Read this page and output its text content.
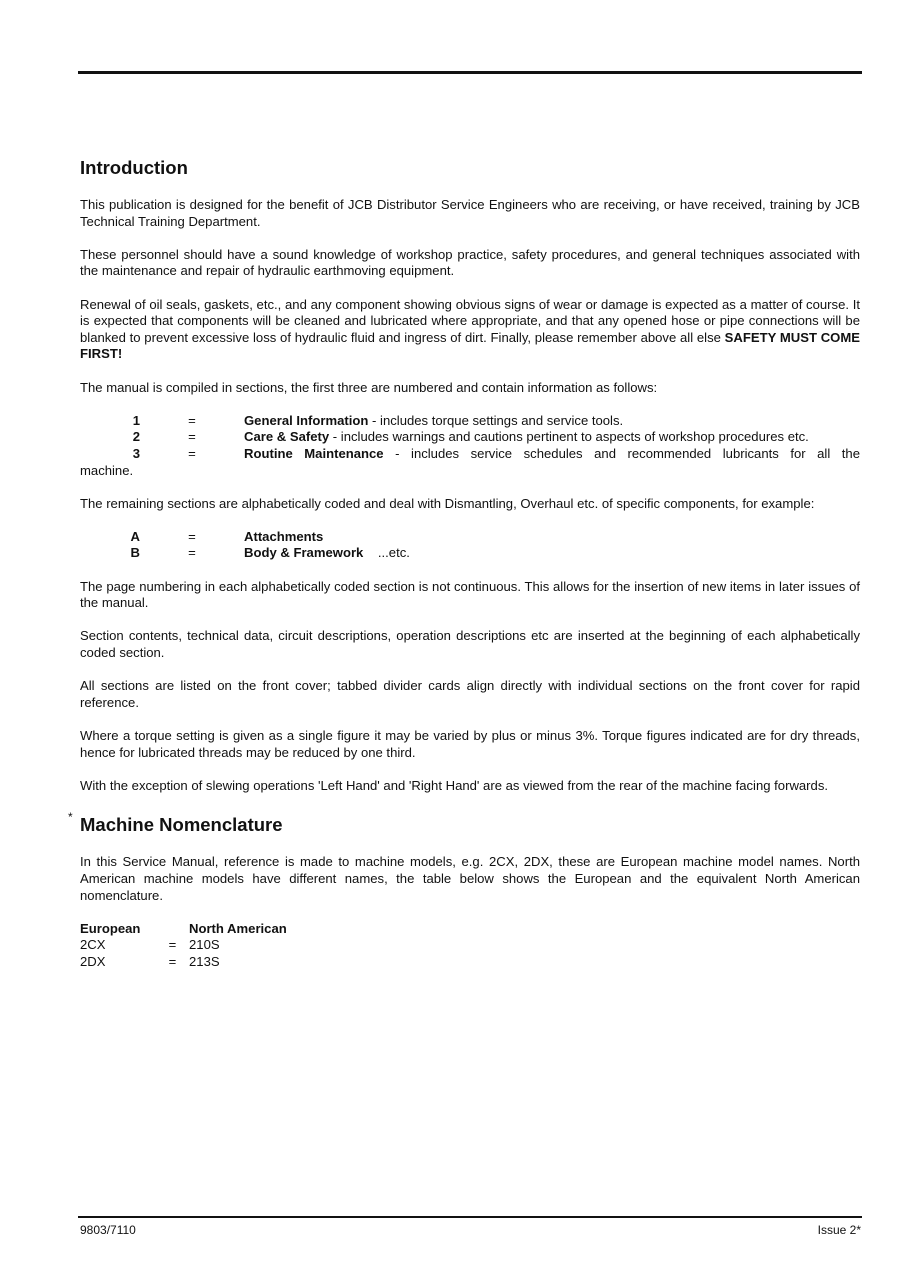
Introduction

This publication is designed for the benefit of JCB Distributor Service Engineers who are receiving, or have received, training by JCB Technical Training Department.

These personnel should have a sound knowledge of workshop practice, safety procedures, and general techniques associated with the maintenance and repair of hydraulic earthmoving equipment.

Renewal of oil seals, gaskets, etc., and any component showing obvious signs of wear or damage is expected as a matter of course. It is expected that components will be cleaned and lubricated where appropriate, and that any opened hose or pipe connections will be blanked to prevent excessive loss of hydraulic fluid and ingress of dirt. Finally, please remember above all else SAFETY MUST COME FIRST!

The manual is compiled in sections, the first three are numbered and contain information as follows:

1	=	General Information - includes torque settings and service tools.
2	=	Care & Safety - includes warnings and cautions pertinent to aspects of workshop procedures etc.
3	=	Routine Maintenance - includes service schedules and recommended lubricants for all the

machine.

The remaining sections are alphabetically coded and deal with Dismantling, Overhaul etc. of specific components, for example:

A	=	Attachments
B	=	Body & Framework    ...etc.

The page numbering in each alphabetically coded section is not continuous. This allows for the insertion of new items in later issues of the manual.

Section contents, technical data, circuit descriptions, operation descriptions etc are inserted at the beginning of each alphabetically coded section.

All sections are listed on the front cover; tabbed divider cards align directly with individual sections on the front cover for rapid reference.

Where a torque setting is given as a single figure it may be varied by plus or minus 3%. Torque figures indicated are for dry threads, hence for lubricated threads may be reduced by one third.

With the exception of slewing operations 'Left Hand' and 'Right Hand' are as viewed from the rear of the machine facing forwards.

Machine Nomenclature

In this Service Manual, reference is made to machine models, e.g. 2CX, 2DX, these are European machine model names. North American machine models have different names, the table below shows the European and the equivalent North American nomenclature.

European	North American
2CX	= 210S
2DX	= 213S
*
9803/7110	Issue 2*
